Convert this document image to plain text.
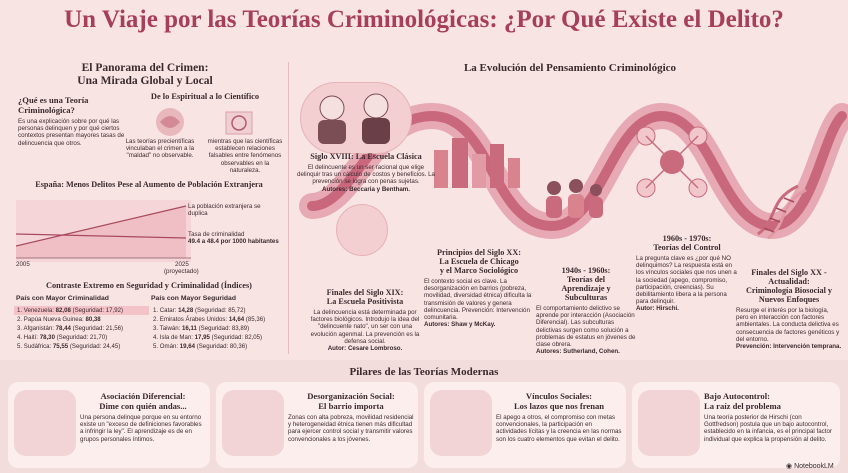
Un Viaje por las Teorías Criminológicas: ¿Por Qué Existe el Delito?
El Panorama del Crimen:
Una Mirada Global y Local
¿Qué es una Teoría Criminológica?
Es una explicación sobre por qué las personas delinquen y por qué ciertos contextos presentan mayores tasas de delincuencia que otros.
De lo Espiritual a lo Científico
Las teorías precientíficas vinculaban el crimen a la "maldad" no observable.
mientras que las científicas establecen relaciones falsables entre fenómenos observables en la naturaleza.
España: Menos Delitos Pese al Aumento de Población Extranjera
La población extranjera se duplica
Tasa de criminalidad
49.4 a 48.4 por 1000 habitantes
2005	2025
(proyectado)
Contraste Extremo en Seguridad y Criminalidad (Índices)
País con Mayor Criminalidad	País con Mayor Seguridad
1. Venezuela: 82,08 (Seguridad: 17,92)
2. Papúa Nueva Guinea: 80,38
3. Afganistán: 78,44 (Seguridad: 21,56)
4. Haití: 78,30 (Seguridad: 21,70)
5. Sudáfrica: 75,55 (Seguridad: 24,45)
1. Catar: 14,28 (Seguridad: 85,72)
2. Emiratos Árabes Unidos: 14,64 (85,36)
3. Taiwán: 16,11 (Seguridad: 83,89)
4. Isla de Man: 17,95 (Seguridad: 82,05)
5. Omán: 19,64 (Seguridad: 80,36)
La Evolución del Pensamiento Criminológico
Siglo XVIII: La Escuela Clásica
El delincuente es un ser racional que elige delinquir tras un cálculo de costos y beneficios. La prevención se logra con penas sujetas.
Autores: Beccaria y Bentham.
Finales del Siglo XIX:
La Escuela Positivista
La delincuencia está determinada por factores biológicos. Introdujo la idea del "delincuente nato", un ser con una evolución agenmal. La prevención es la defensa social.
Autor: Cesare Lombroso.
Principios del Siglo XX:
La Escuela de Chicago
y el Marco Sociológico
El contexto social es clave. La desorganización en barrios (pobreza, movilidad, diversidad étnica) dificulta la transmisión de valores y genera delincuencia. Prevención: Intervención comunitaria.
Autores: Shaw y McKay.
1940s - 1960s:
Teorías del
Aprendizaje y
Subculturas
El comportamiento delictivo se aprende por interacción (Asociación Diferencial). Las subculturas delictivas surgen como solución a problemas de estatus en jóvenes de clase obrera.
Autores: Sutherland, Cohen.
1960s - 1970s:
Teorías del Control
La pregunta clave es ¿por qué NO delinquimos? La respuesta está en los vínculos sociales que nos unen a la sociedad (apego, compromiso, participación, creencias). Su debilitamiento libera a la persona para delinquir.
Autor: Hirschi.
Finales del Siglo XX -
Actualidad:
Criminología Biosocial y
Nuevos Enfoques
Resurge el interés por la biología, pero en interacción con factores ambientales. La conducta delictiva es consecuencia de factores genéticos y del entorno.
Prevención: Intervención temprana.
Pilares de las Teorías Modernas
Asociación Diferencial:
Dime con quién andas...
Una persona delinque porque en su entorno existe un "exceso de definiciones favorables a infringir la ley". El aprendizaje es de en grupos personales íntimos.
Desorganización Social:
El barrio importa
Zonas con alta pobreza, movilidad residencial y heterogeneidad étnica tienen más dificultad para ejercer control social y transmitir valores convencionales a los jóvenes.
Vínculos Sociales:
Los lazos que nos frenan
El apego a otros, el compromiso con metas convencionales, la participación en actividades lícitas y la creencia en las normas son los cuatro elementos que evitan el delito.
Bajo Autocontrol:
La raíz del problema
Una teoría posterior de Hirschi (con Gottfredson) postula que un bajo autocontrol, establecido en la infancia, es el principal factor individual que explica la propensión al delito.
◉ NotebookLM
